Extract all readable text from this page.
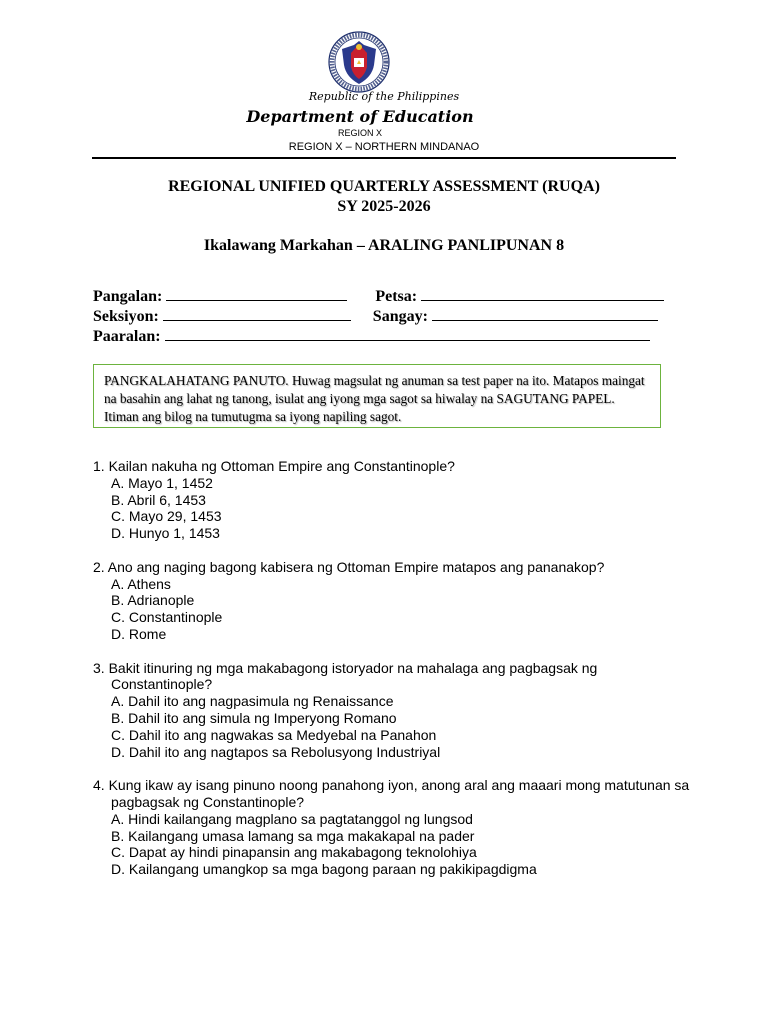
Republic of the Philippines
Department of Education
REGION X
REGION X – NORTHERN MINDANAO
REGIONAL UNIFIED QUARTERLY ASSESSMENT (RUQA)
SY 2025-2026
Ikalawang Markahan – ARALING PANLIPUNAN 8
Pangalan:	Petsa:
Seksiyon:	Sangay:
Paaralan:
PANGKALAHATANG PANUTO. Huwag magsulat ng anuman sa test paper na ito. Matapos maingat na basahin ang lahat ng tanong, isulat ang iyong mga sagot sa hiwalay na SAGUTANG PAPEL. Itiman ang bilog na tumutugma sa iyong napiling sagot.
1. Kailan nakuha ng Ottoman Empire ang Constantinople?
A. Mayo 1, 1452
B. Abril 6, 1453
C. Mayo 29, 1453
D. Hunyo 1, 1453
2. Ano ang naging bagong kabisera ng Ottoman Empire matapos ang pananakop?
A. Athens
B. Adrianople
C. Constantinople
D. Rome
3. Bakit itinuring ng mga makabagong istoryador na mahalaga ang pagbagsak ng Constantinople?
A. Dahil ito ang nagpasimula ng Renaissance
B. Dahil ito ang simula ng Imperyong Romano
C. Dahil ito ang nagwakas sa Medyebal na Panahon
D. Dahil ito ang nagtapos sa Rebolusyong Industriyal
4. Kung ikaw ay isang pinuno noong panahong iyon, anong aral ang maaari mong matutunan sa pagbagsak ng Constantinople?
A. Hindi kailangang magplano sa pagtatanggol ng lungsod
B. Kailangang umasa lamang sa mga makakapal na pader
C. Dapat ay hindi pinapansin ang makabagong teknolohiya
D. Kailangang umangkop sa mga bagong paraan ng pakikipagdigma
